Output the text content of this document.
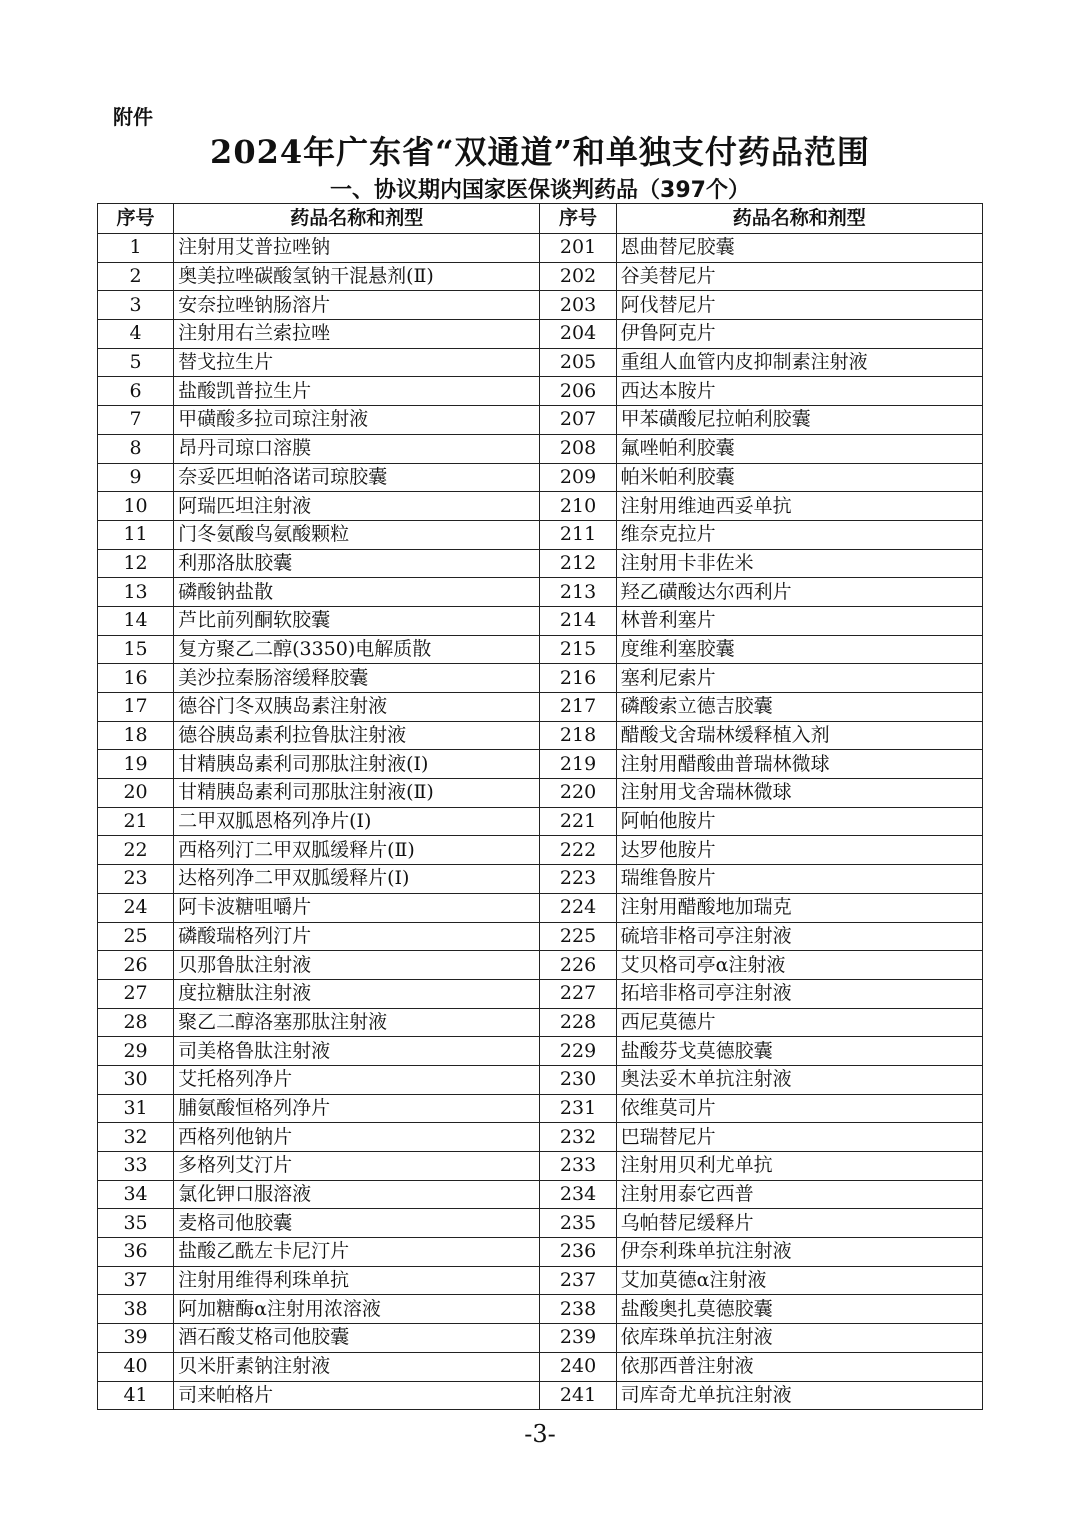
附件
2024年广东省“双通道”和单独支付药品范围
一、协议期内国家医保谈判药品（397个）
序号	药品名称和剂型	序号	药品名称和剂型
1	注射用艾普拉唑钠	201	恩曲替尼胶囊
2	奥美拉唑碳酸氢钠干混悬剂(Ⅱ)	202	谷美替尼片
3	安奈拉唑钠肠溶片	203	阿伐替尼片
4	注射用右兰索拉唑	204	伊鲁阿克片
5	替戈拉生片	205	重组人血管内皮抑制素注射液
6	盐酸凯普拉生片	206	西达本胺片
7	甲磺酸多拉司琼注射液	207	甲苯磺酸尼拉帕利胶囊
8	昂丹司琼口溶膜	208	氟唑帕利胶囊
9	奈妥匹坦帕洛诺司琼胶囊	209	帕米帕利胶囊
10	阿瑞匹坦注射液	210	注射用维迪西妥单抗
11	门冬氨酸鸟氨酸颗粒	211	维奈克拉片
12	利那洛肽胶囊	212	注射用卡非佐米
13	磷酸钠盐散	213	羟乙磺酸达尔西利片
14	芦比前列酮软胶囊	214	林普利塞片
15	复方聚乙二醇(3350)电解质散	215	度维利塞胶囊
16	美沙拉秦肠溶缓释胶囊	216	塞利尼索片
17	德谷门冬双胰岛素注射液	217	磷酸索立德吉胶囊
18	德谷胰岛素利拉鲁肽注射液	218	醋酸戈舍瑞林缓释植入剂
19	甘精胰岛素利司那肽注射液(Ⅰ)	219	注射用醋酸曲普瑞林微球
20	甘精胰岛素利司那肽注射液(Ⅱ)	220	注射用戈舍瑞林微球
21	二甲双胍恩格列净片(Ⅰ)	221	阿帕他胺片
22	西格列汀二甲双胍缓释片(Ⅱ)	222	达罗他胺片
23	达格列净二甲双胍缓释片(Ⅰ)	223	瑞维鲁胺片
24	阿卡波糖咀嚼片	224	注射用醋酸地加瑞克
25	磷酸瑞格列汀片	225	硫培非格司亭注射液
26	贝那鲁肽注射液	226	艾贝格司亭α注射液
27	度拉糖肽注射液	227	拓培非格司亭注射液
28	聚乙二醇洛塞那肽注射液	228	西尼莫德片
29	司美格鲁肽注射液	229	盐酸芬戈莫德胶囊
30	艾托格列净片	230	奥法妥木单抗注射液
31	脯氨酸恒格列净片	231	依维莫司片
32	西格列他钠片	232	巴瑞替尼片
33	多格列艾汀片	233	注射用贝利尤单抗
34	氯化钾口服溶液	234	注射用泰它西普
35	麦格司他胶囊	235	乌帕替尼缓释片
36	盐酸乙酰左卡尼汀片	236	伊奈利珠单抗注射液
37	注射用维得利珠单抗	237	艾加莫德α注射液
38	阿加糖酶α注射用浓溶液	238	盐酸奥扎莫德胶囊
39	酒石酸艾格司他胶囊	239	依库珠单抗注射液
40	贝米肝素钠注射液	240	依那西普注射液
41	司来帕格片	241	司库奇尤单抗注射液
-3-
